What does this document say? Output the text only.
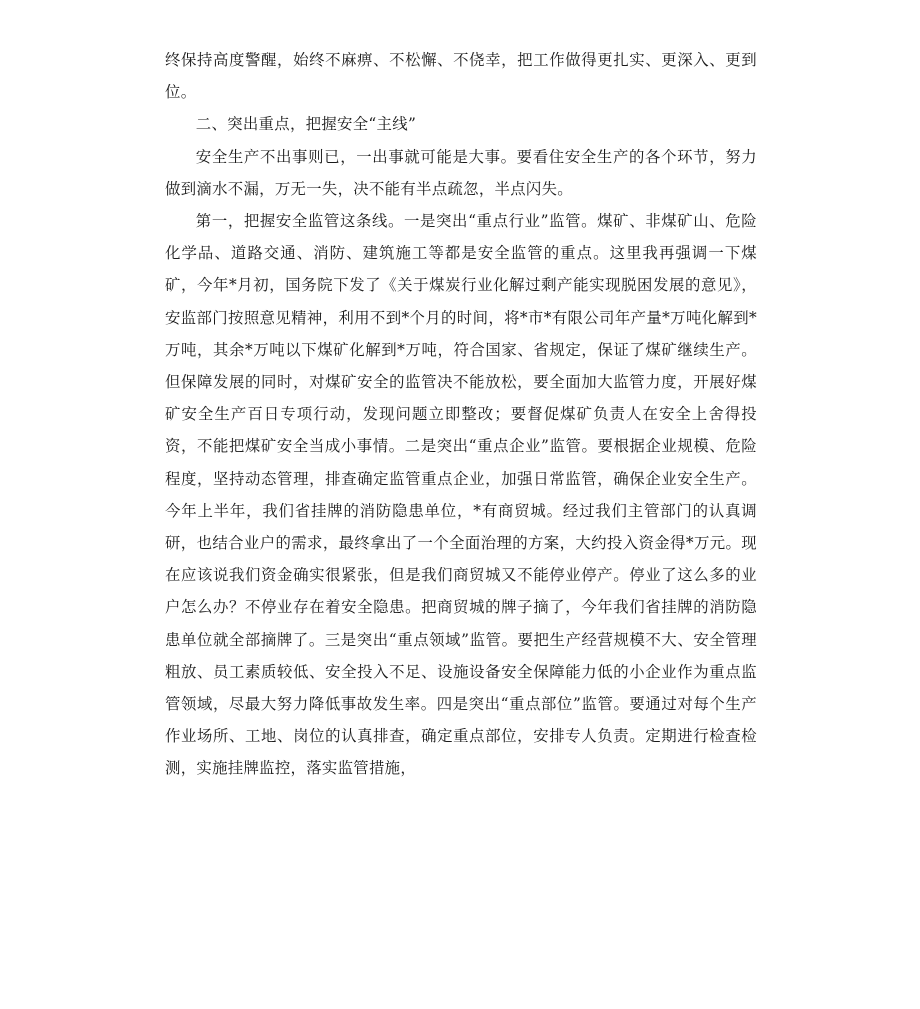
终保持高度警醒，始终不麻痹、不松懈、不侥幸，把工作做得更扎实、更深入、更到位。

二、突出重点，把握安全“主线”

安全生产不出事则已，一出事就可能是大事。要看住安全生产的各个环节，努力做到滴水不漏，万无一失，决不能有半点疏忽，半点闪失。

第一，把握安全监管这条线。一是突出“重点行业”监管。煤矿、非煤矿山、危险化学品、道路交通、消防、建筑施工等都是安全监管的重点。这里我再强调一下煤矿，今年*月初，国务院下发了《关于煤炭行业化解过剩产能实现脱困发展的意见》，安监部门按照意见精神，利用不到*个月的时间，将*市*有限公司年产量*万吨化解到*万吨，其余*万吨以下煤矿化解到*万吨，符合国家、省规定，保证了煤矿继续生产。但保障发展的同时，对煤矿安全的监管决不能放松，要全面加大监管力度，开展好煤矿安全生产百日专项行动，发现问题立即整改；要督促煤矿负责人在安全上舍得投资，不能把煤矿安全当成小事情。二是突出“重点企业”监管。要根据企业规模、危险程度，坚持动态管理，排查确定监管重点企业，加强日常监管，确保企业安全生产。今年上半年，我们省挂牌的消防隐患单位，*有商贸城。经过我们主管部门的认真调研，也结合业户的需求，最终拿出了一个全面治理的方案，大约投入资金得*万元。现在应该说我们资金确实很紧张，但是我们商贸城又不能停业停产。停业了这么多的业户怎么办？不停业存在着安全隐患。把商贸城的牌子摘了，今年我们省挂牌的消防隐患单位就全部摘牌了。三是突出“重点领域”监管。要把生产经营规模不大、安全管理粗放、员工素质较低、安全投入不足、设施设备安全保障能力低的小企业作为重点监管领域，尽最大努力降低事故发生率。四是突出“重点部位”监管。要通过对每个生产作业场所、工地、岗位的认真排查，确定重点部位，安排专人负责。定期进行检查检测，实施挂牌监控，落实监管措施，
